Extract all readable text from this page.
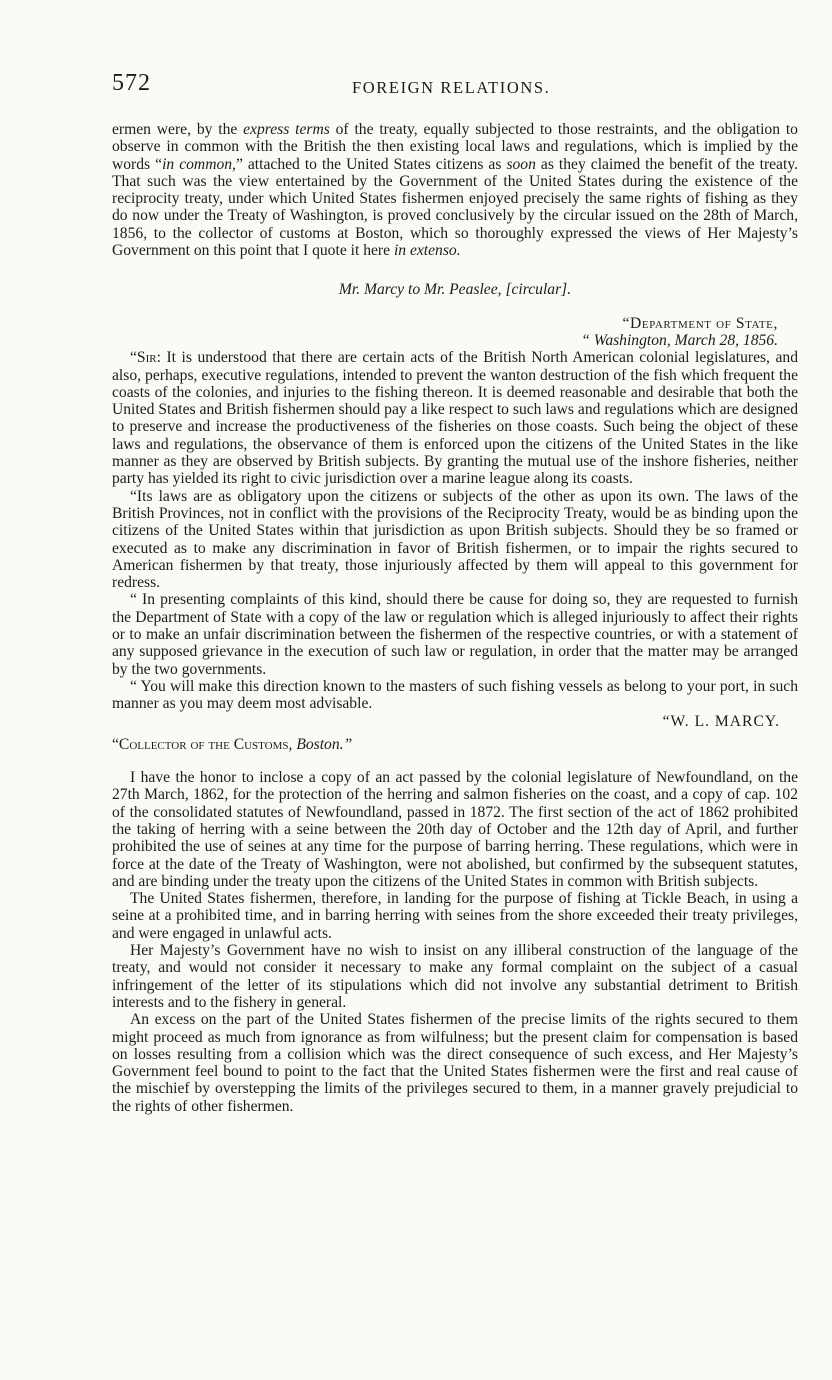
572	FOREIGN RELATIONS.

ermen were, by the express terms of the treaty, equally subjected to those restraints, and the obligation to observe in common with the British the then existing local laws and regulations, which is implied by the words “in common,” attached to the United States citizens as soon as they claimed the benefit of the treaty. That such was the view entertained by the Government of the United States during the existence of the reciprocity treaty, under which United States fishermen enjoyed precisely the same rights of fishing as they do now under the Treaty of Washington, is proved conclusively by the circular issued on the 28th of March, 1856, to the collector of customs at Boston, which so thoroughly expressed the views of Her Majesty’s Government on this point that I quote it here in extenso.

Mr. Marcy to Mr. Peaslee, [circular].

“Department of State,
“ Washington, March 28, 1856.

“Sir: It is understood that there are certain acts of the British North American colonial legislatures, and also, perhaps, executive regulations, intended to prevent the wanton destruction of the fish which frequent the coasts of the colonies, and injuries to the fishing thereon. It is deemed reasonable and desirable that both the United States and British fishermen should pay a like respect to such laws and regulations which are designed to preserve and increase the productiveness of the fisheries on those coasts. Such being the object of these laws and regulations, the observance of them is enforced upon the citizens of the United States in the like manner as they are observed by British subjects. By granting the mutual use of the inshore fisheries, neither party has yielded its right to civic jurisdiction over a marine league along its coasts.

“Its laws are as obligatory upon the citizens or subjects of the other as upon its own. The laws of the British Provinces, not in conflict with the provisions of the Reciprocity Treaty, would be as binding upon the citizens of the United States within that jurisdiction as upon British subjects. Should they be so framed or executed as to make any discrimination in favor of British fishermen, or to impair the rights secured to American fishermen by that treaty, those injuriously affected by them will appeal to this government for redress.

“ In presenting complaints of this kind, should there be cause for doing so, they are requested to furnish the Department of State with a copy of the law or regulation which is alleged injuriously to affect their rights or to make an unfair discrimination between the fishermen of the respective countries, or with a statement of any supposed grievance in the execution of such law or regulation, in order that the matter may be arranged by the two governments.

“ You will make this direction known to the masters of such fishing vessels as belong to your port, in such manner as you may deem most advisable.

“W. L. MARCY.

“Collector of the Customs, Boston.”

I have the honor to inclose a copy of an act passed by the colonial legislature of Newfoundland, on the 27th March, 1862, for the protection of the herring and salmon fisheries on the coast, and a copy of cap. 102 of the consolidated statutes of Newfoundland, passed in 1872. The first section of the act of 1862 prohibited the taking of herring with a seine between the 20th day of October and the 12th day of April, and further prohibited the use of seines at any time for the purpose of barring herring. These regulations, which were in force at the date of the Treaty of Washington, were not abolished, but confirmed by the subsequent statutes, and are binding under the treaty upon the citizens of the United States in common with British subjects.

The United States fishermen, therefore, in landing for the purpose of fishing at Tickle Beach, in using a seine at a prohibited time, and in barring herring with seines from the shore exceeded their treaty privileges, and were engaged in unlawful acts.

Her Majesty’s Government have no wish to insist on any illiberal construction of the language of the treaty, and would not consider it necessary to make any formal complaint on the subject of a casual infringement of the letter of its stipulations which did not involve any substantial detriment to British interests and to the fishery in general.

An excess on the part of the United States fishermen of the precise limits of the rights secured to them might proceed as much from ignorance as from wilfulness; but the present claim for compensation is based on losses resulting from a collision which was the direct consequence of such excess, and Her Majesty’s Government feel bound to point to the fact that the United States fishermen were the first and real cause of the mischief by overstepping the limits of the privileges secured to them, in a manner gravely prejudicial to the rights of other fishermen.
